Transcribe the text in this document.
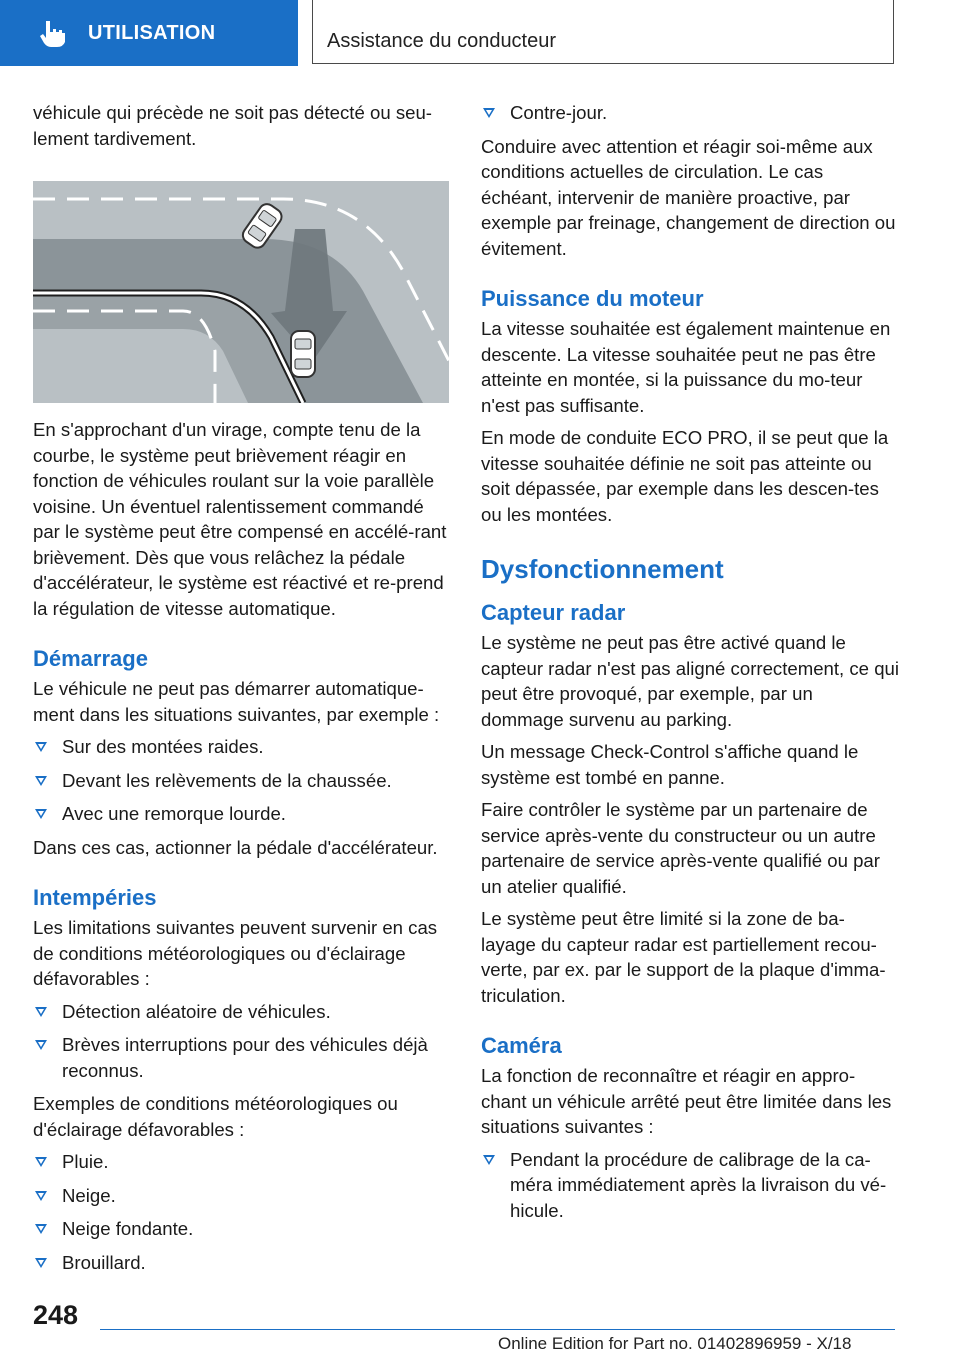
UTILISATION	Assistance du conducteur

véhicule qui précède ne soit pas détecté ou seu-lement tardivement.

En s'approchant d'un virage, compte tenu de la courbe, le système peut brièvement réagir en fonction de véhicules roulant sur la voie parallèle voisine. Un éventuel ralentissement commandé par le système peut être compensé en accélé-rant brièvement. Dès que vous relâchez la pédale d'accélérateur, le système est réactivé et re-prend la régulation de vitesse automatique.

Démarrage

Le véhicule ne peut pas démarrer automatique-ment dans les situations suivantes, par exemple :

Sur des montées raides.
Devant les relèvements de la chaussée.
Avec une remorque lourde.

Dans ces cas, actionner la pédale d'accélérateur.

Intempéries

Les limitations suivantes peuvent survenir en cas de conditions météorologiques ou d'éclairage défavorables :

Détection aléatoire de véhicules.
Brèves interruptions pour des véhicules déjà reconnus.

Exemples de conditions météorologiques ou d'éclairage défavorables :

Pluie.
Neige.
Neige fondante.
Brouillard.
Contre-jour.

Conduire avec attention et réagir soi-même aux conditions actuelles de circulation. Le cas échéant, intervenir de manière proactive, par exemple par freinage, changement de direction ou évitement.

Puissance du moteur

La vitesse souhaitée est également maintenue en descente. La vitesse souhaitée peut ne pas être atteinte en montée, si la puissance du mo-teur n'est pas suffisante.

En mode de conduite ECO PRO, il se peut que la vitesse souhaitée définie ne soit pas atteinte ou soit dépassée, par exemple dans les descen-tes ou les montées.

Dysfonctionnement
Capteur radar

Le système ne peut pas être activé quand le capteur radar n'est pas aligné correctement, ce qui peut être provoqué, par exemple, par un dommage survenu au parking.

Un message Check-Control s'affiche quand le système est tombé en panne.

Faire contrôler le système par un partenaire de service après-vente du constructeur ou un autre partenaire de service après-vente qualifié ou par un atelier qualifié.

Le système peut être limité si la zone de ba-layage du capteur radar est partiellement recou-verte, par ex. par le support de la plaque d'imma-triculation.

Caméra

La fonction de reconnaître et réagir en appro-chant un véhicule arrêté peut être limitée dans les situations suivantes :

Pendant la procédure de calibrage de la ca-méra immédiatement après la livraison du vé-hicule.
248
Online Edition for Part no. 01402896959 - X/18
